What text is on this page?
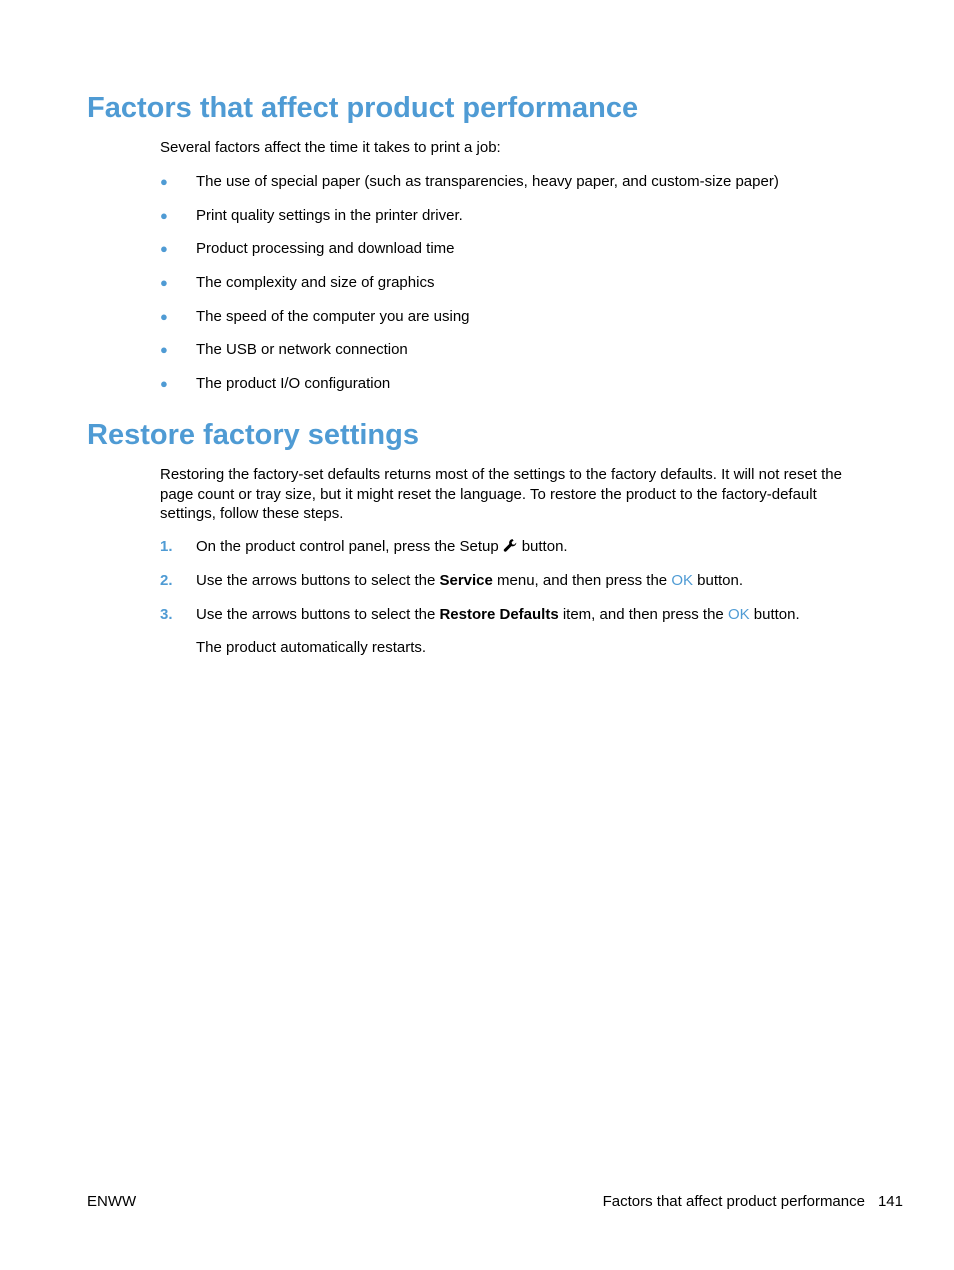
Factors that affect product performance

Several factors affect the time it takes to print a job:

● The use of special paper (such as transparencies, heavy paper, and custom-size paper)
● Print quality settings in the printer driver.
● Product processing and download time
● The complexity and size of graphics
● The speed of the computer you are using
● The USB or network connection
● The product I/O configuration
Restore factory settings

Restoring the factory-set defaults returns most of the settings to the factory defaults. It will not reset the page count or tray size, but it might reset the language. To restore the product to the factory-default settings, follow these steps.

1. On the product control panel, press the Setup button.
2. Use the arrows buttons to select the Service menu, and then press the OK button.
3. Use the arrows buttons to select the Restore Defaults item, and then press the OK button.
The product automatically restarts.
ENWW	Factors that affect product performance 141
